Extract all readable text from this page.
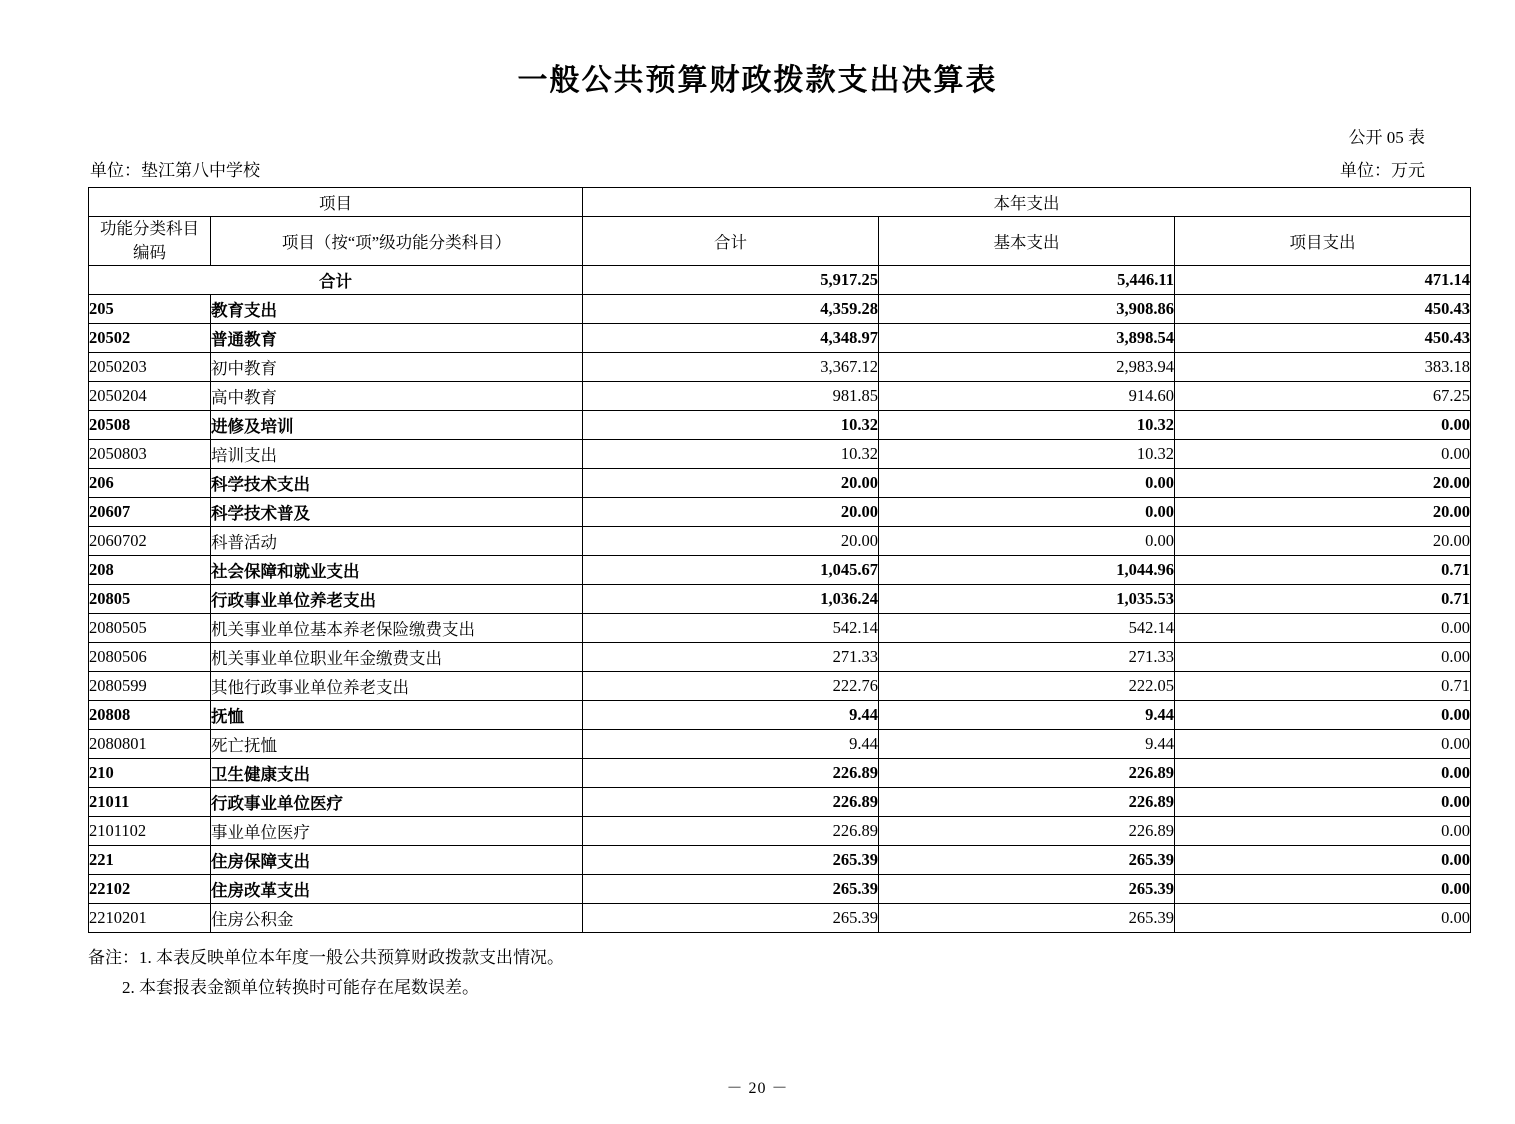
一般公共预算财政拨款支出决算表
公开 05 表
单位：垫江第八中学校	单位：万元
项目		本年支出		

功能分类科目
编码	项目（按“项”级功能分类科目）	合计	基本支出	项目支出
合计		5,917.25	5,446.11	471.14
205	教育支出	4,359.28	3,908.86	450.43
20502	普通教育	4,348.97	3,898.54	450.43
2050203	初中教育	3,367.12	2,983.94	383.18
2050204	高中教育	981.85	914.60	67.25
20508	进修及培训	10.32	10.32	0.00
2050803	培训支出	10.32	10.32	0.00
206	科学技术支出	20.00	0.00	20.00
20607	科学技术普及	20.00	0.00	20.00
2060702	科普活动	20.00	0.00	20.00
208	社会保障和就业支出	1,045.67	1,044.96	0.71
20805	行政事业单位养老支出	1,036.24	1,035.53	0.71
2080505	机关事业单位基本养老保险缴费支出	542.14	542.14	0.00
2080506	机关事业单位职业年金缴费支出	271.33	271.33	0.00
2080599	其他行政事业单位养老支出	222.76	222.05	0.71
20808	抚恤	9.44	9.44	0.00
2080801	死亡抚恤	9.44	9.44	0.00
210	卫生健康支出	226.89	226.89	0.00
21011	行政事业单位医疗	226.89	226.89	0.00
2101102	事业单位医疗	226.89	226.89	0.00
221	住房保障支出	265.39	265.39	0.00
22102	住房改革支出	265.39	265.39	0.00
2210201	住房公积金	265.39	265.39	0.00
备注：1. 本表反映单位本年度一般公共预算财政拨款支出情况。
2. 本套报表金额单位转换时可能存在尾数误差。
－ 20 －
